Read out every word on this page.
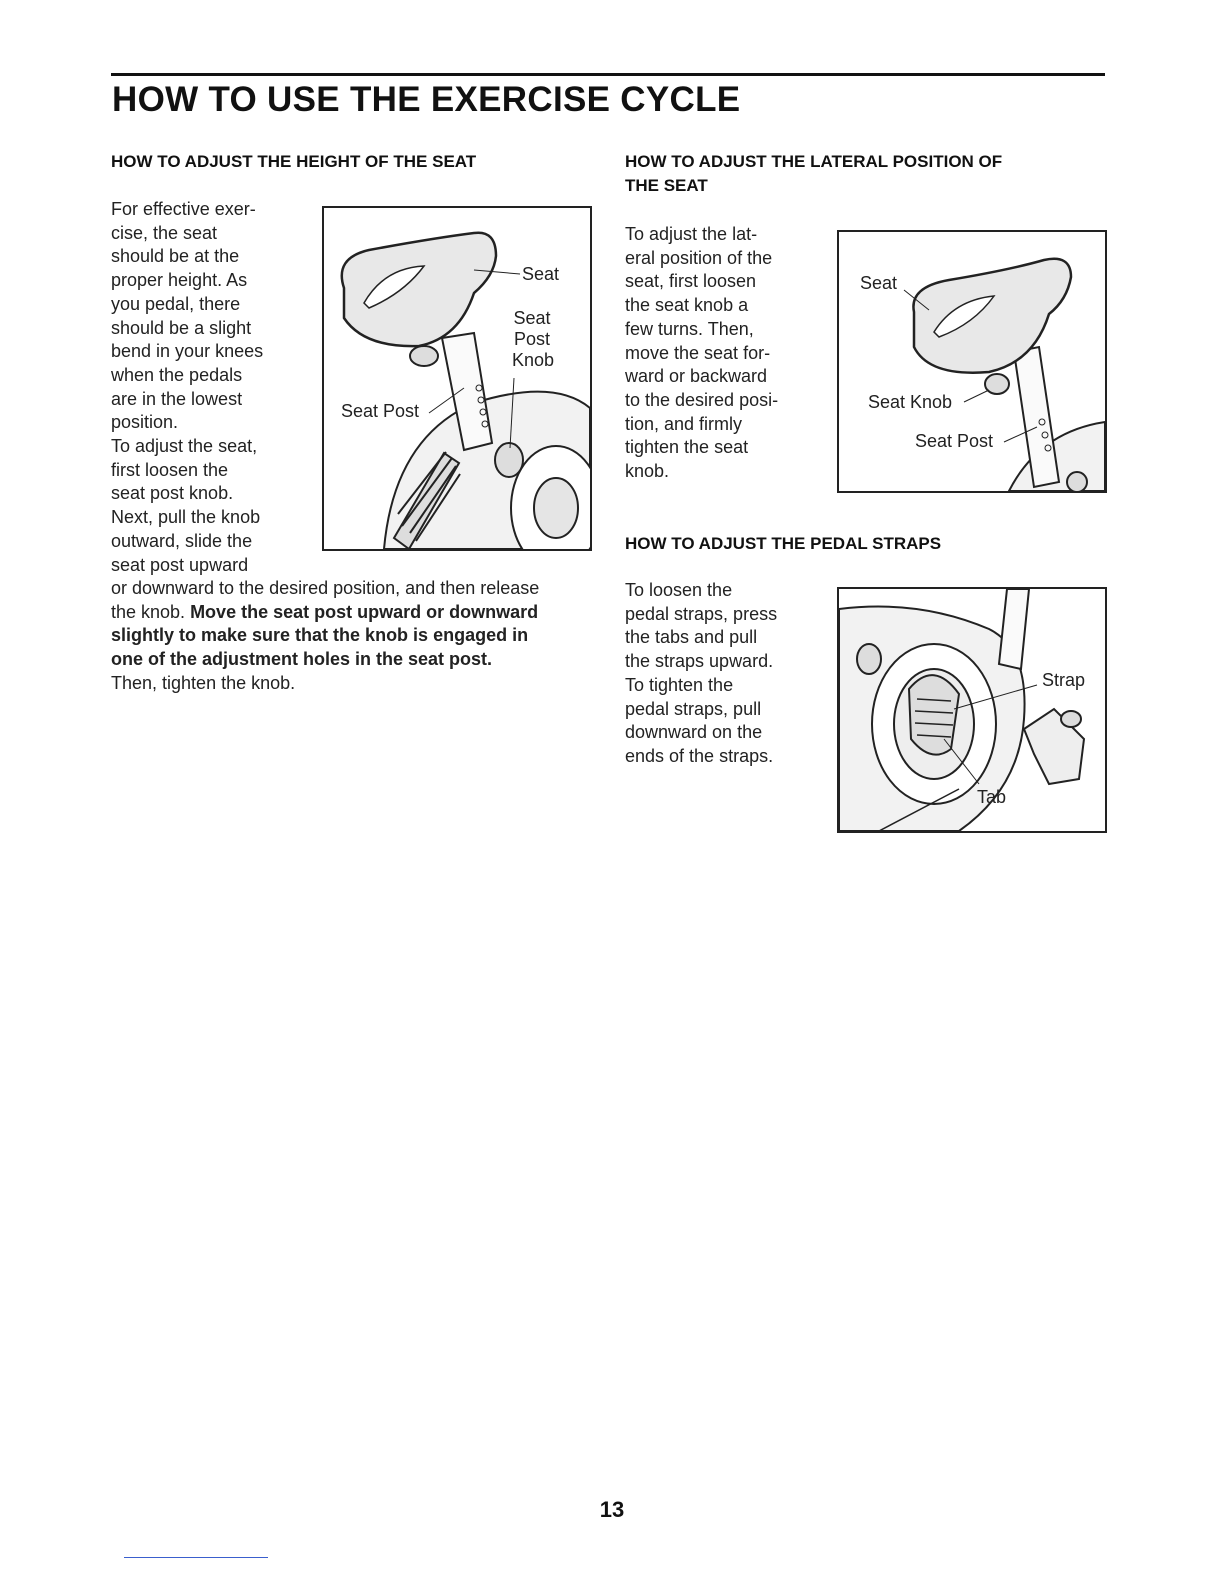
HOW TO USE THE EXERCISE CYCLE
HOW TO ADJUST THE HEIGHT OF THE SEAT
For effective exer-
cise, the seat
should be at the
proper height. As
you pedal, there
should be a slight
bend in your knees
when the pedals
are in the lowest
position.
To adjust the seat,
first loosen the
seat post knob.
Next, pull the knob
outward, slide the
seat post upward
or downward to the desired position, and then release
the knob. Move the seat post upward or downward
slightly to make sure that the knob is engaged in
one of the adjustment holes in the seat post.
Then, tighten the knob.
Seat
Seat
Post
Knob
Seat Post
HOW TO ADJUST THE LATERAL POSITION OF
THE SEAT
To adjust the lat-
eral position of the
seat, first loosen
the seat knob a
few turns. Then,
move the seat for-
ward or backward
to the desired posi-
tion, and firmly
tighten the seat
knob.
Seat
Seat Knob
Seat Post
HOW TO ADJUST THE PEDAL STRAPS
To loosen the
pedal straps, press
the tabs and pull
the straps upward.
To tighten the
pedal straps, pull
downward on the
ends of the straps.
Strap
Tab
13
